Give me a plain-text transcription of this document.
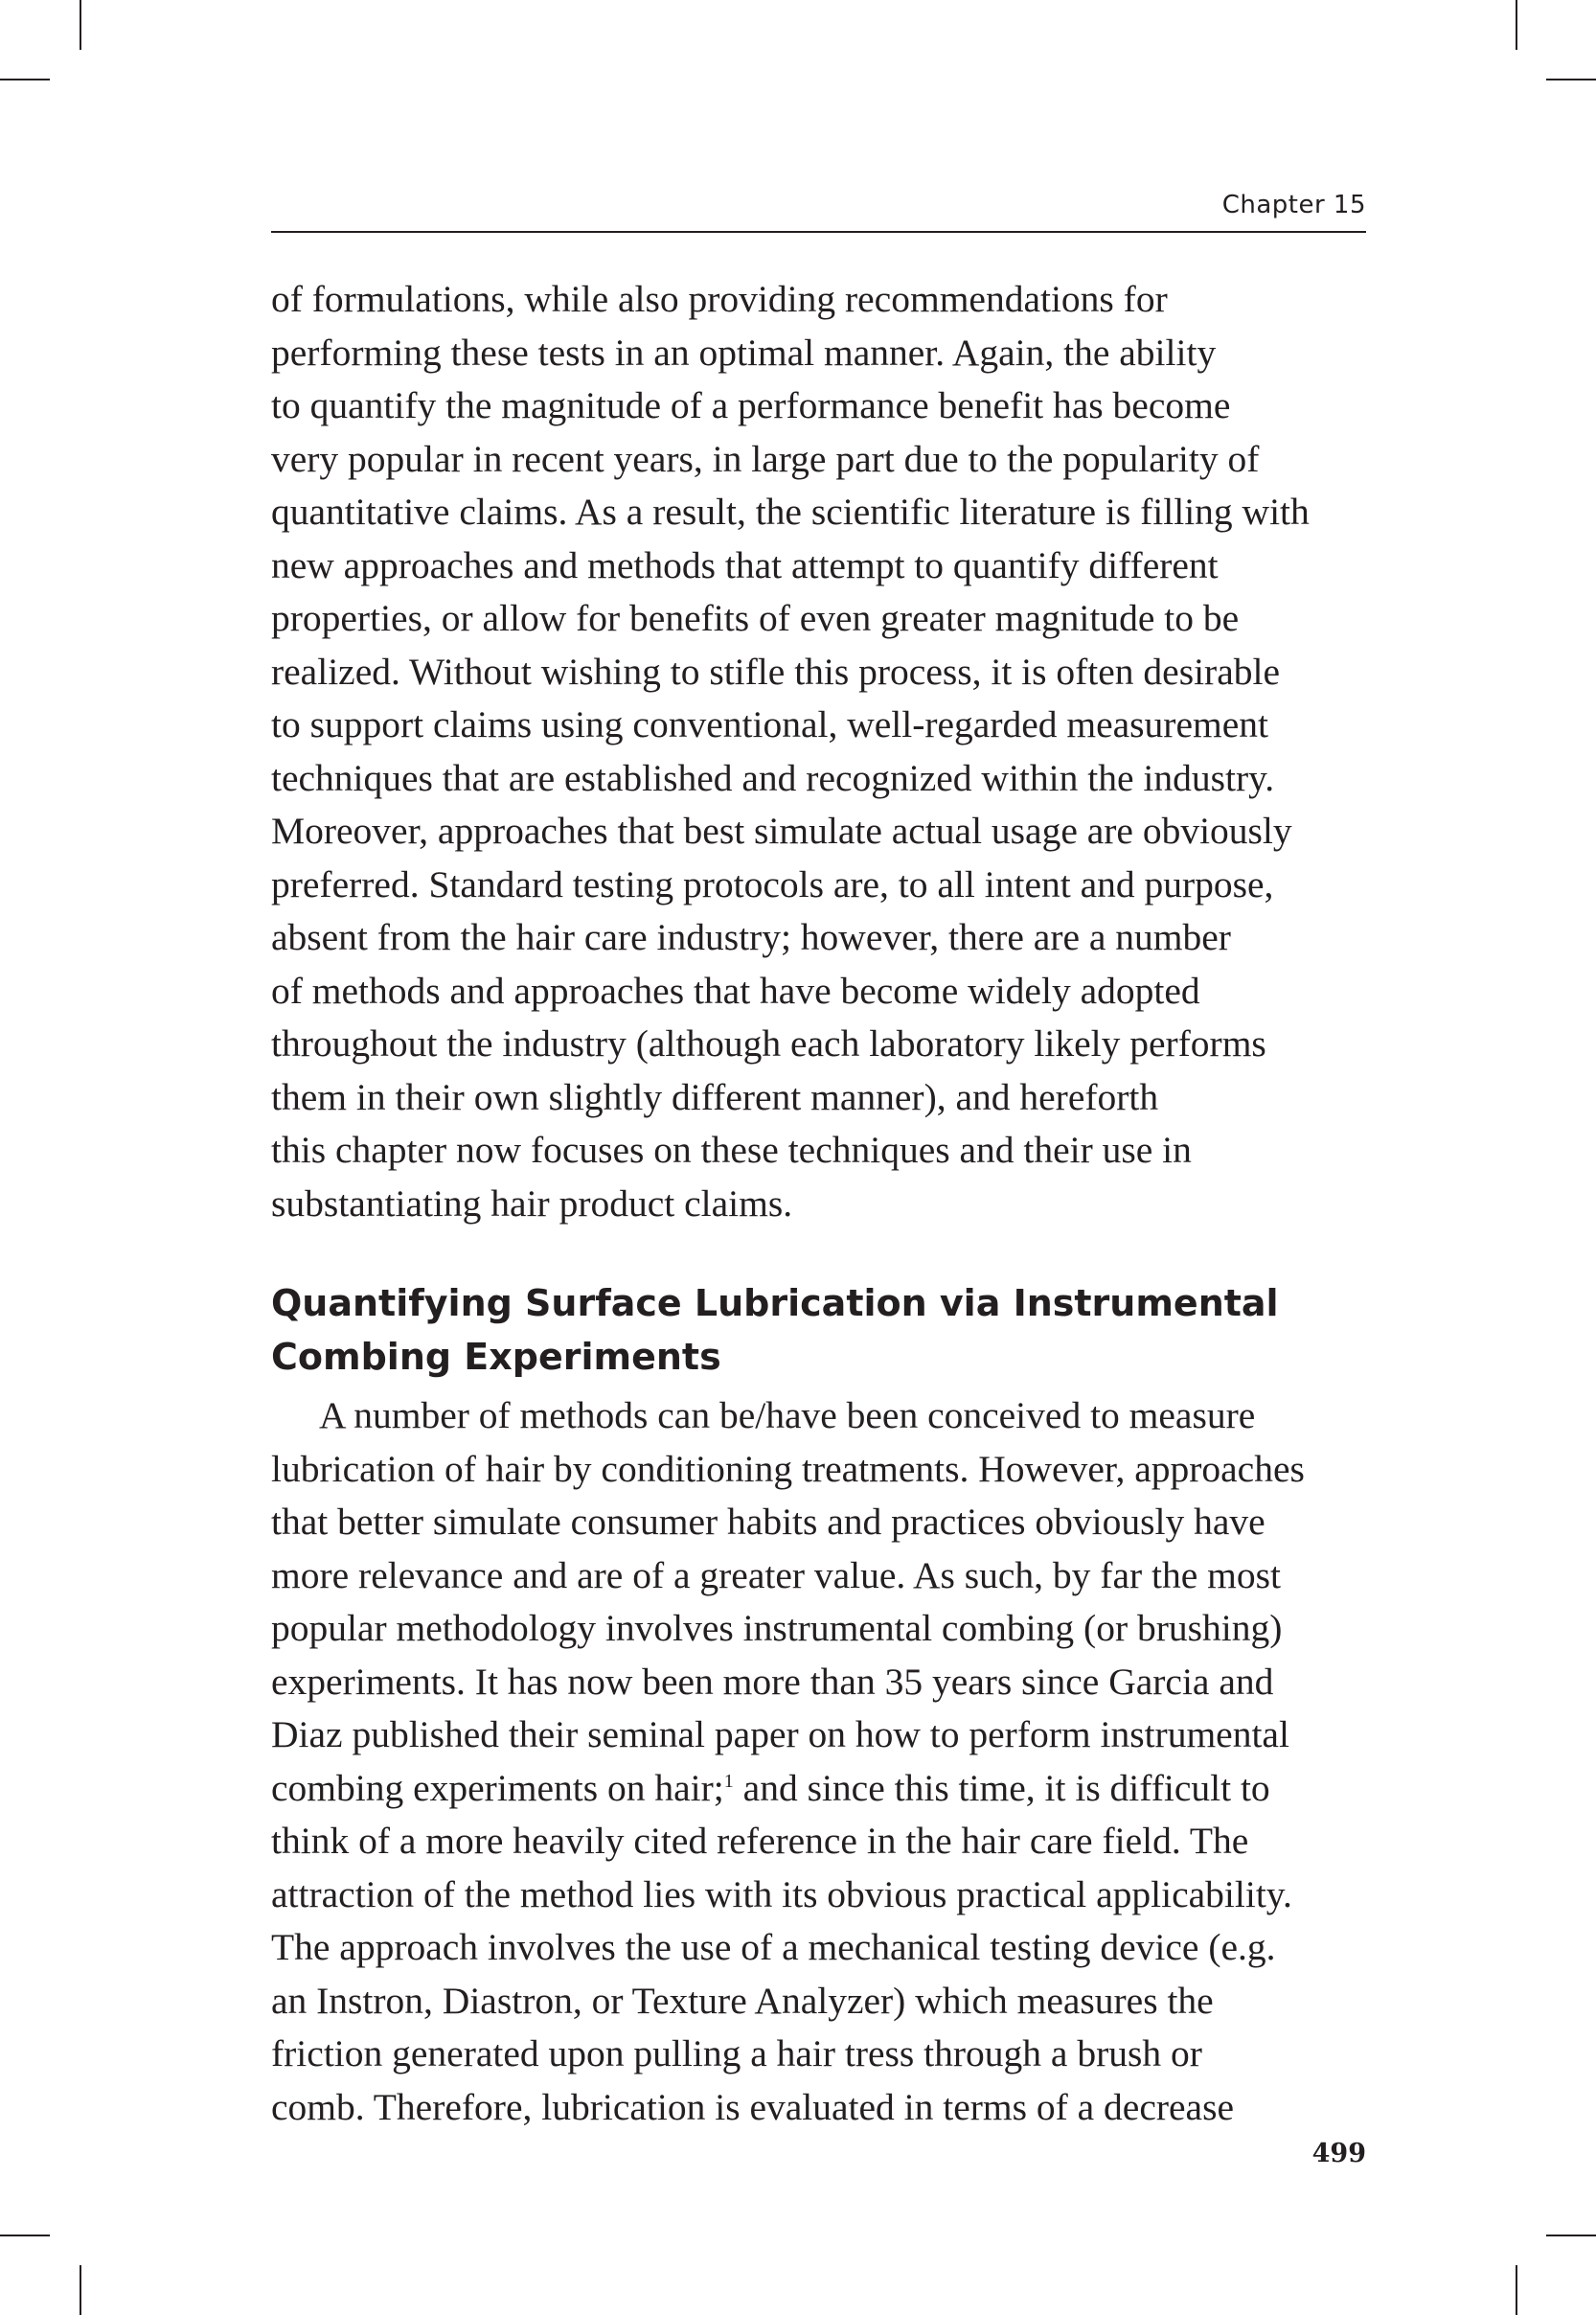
Chapter 15
of formulations, while also providing recommendations for
performing these tests in an optimal manner. Again, the ability
to quantify the magnitude of a performance benefit has become
very popular in recent years, in large part due to the popularity of
quantitative claims. As a result, the scientific literature is filling with
new approaches and methods that attempt to quantify different
properties, or allow for benefits of even greater magnitude to be
realized. Without wishing to stifle this process, it is often desirable
to support claims using conventional, well-regarded measurement
techniques that are established and recognized within the industry.
Moreover, approaches that best simulate actual usage are obviously
preferred. Standard testing protocols are, to all intent and purpose,
absent from the hair care industry; however, there are a number
of methods and approaches that have become widely adopted
throughout the industry (although each laboratory likely performs
them in their own slightly different manner), and hereforth
this chapter now focuses on these techniques and their use in
substantiating hair product claims.
Quantifying Surface Lubrication via Instrumental
Combing Experiments
A number of methods can be/have been conceived to measure
lubrication of hair by conditioning treatments. However, approaches
that better simulate consumer habits and practices obviously have
more relevance and are of a greater value. As such, by far the most
popular methodology involves instrumental combing (or brushing)
experiments. It has now been more than 35 years since Garcia and
Diaz published their seminal paper on how to perform instrumental
combing experiments on hair;$^1$ and since this time, it is difficult to
think of a more heavily cited reference in the hair care field. The
attraction of the method lies with its obvious practical applicability.
The approach involves the use of a mechanical testing device (e.g.
an Instron, Diastron, or Texture Analyzer) which measures the
friction generated upon pulling a hair tress through a brush or
comb. Therefore, lubrication is evaluated in terms of a decrease
499
